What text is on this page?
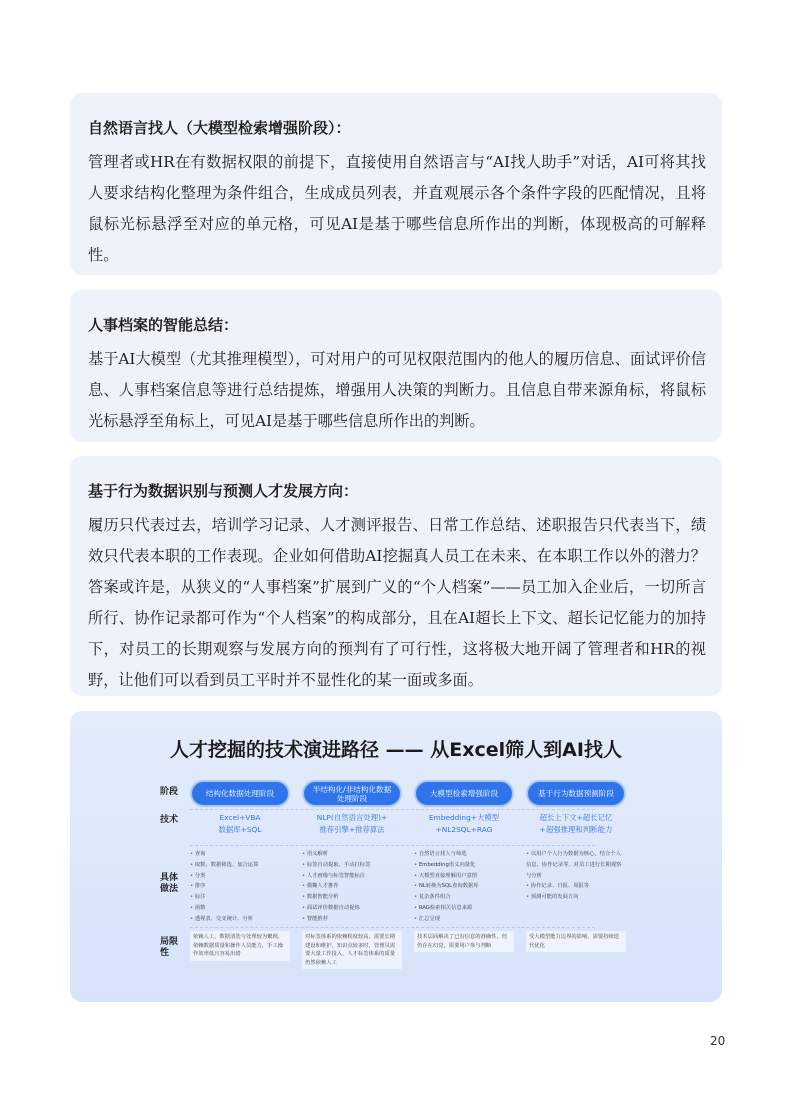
自然语言找人（大模型检索增强阶段）：

管理者或HR在有数据权限的前提下，直接使用自然语言与“AI找人助手”对话，AI可将其找人要求结构化整理为条件组合，生成成员列表，并直观展示各个条件字段的匹配情况，且将鼠标光标悬浮至对应的单元格，可见AI是基于哪些信息所作出的判断，体现极高的可解释性。

人事档案的智能总结：

基于AI大模型（尤其推理模型），可对用户的可见权限范围内的他人的履历信息、面试评价信息、人事档案信息等进行总结提炼，增强用人决策的判断力。且信息自带来源角标，将鼠标光标悬浮至角标上，可见AI是基于哪些信息所作出的判断。

基于行为数据识别与预测人才发展方向：

履历只代表过去，培训学习记录、人才测评报告、日常工作总结、述职报告只代表当下，绩效只代表本职的工作表现。企业如何借助AI挖掘真人员工在未来、在本职工作以外的潜力？答案或许是，从狭义的“人事档案”扩展到广义的“个人档案”——员工加入企业后，一切所言所行、协作记录都可作为“个人档案”的构成部分，且在AI超长上下文、超长记忆能力的加持下，对员工的长期观察与发展方向的预判有了可行性，这将极大地开阔了管理者和HR的视野，让他们可以看到员工平时并不显性化的某一面或多面。

人才挖掘的技术演进路径 —— 从Excel筛人到AI找人
阶段
技术
具体做法
局限性
结构化数据处理阶段
Excel+VBA
数据库+SQL
• 查询
• 取数、数据筛选、加合运算
• 分类
• 排序
• 标注
• 函数
• 透视表、交叉统计、分析
依赖人工，数据清洗与处理较为繁琐，依赖数据质量和操作人员能力，手工操作效率低且容易出错
半结构化/非结构化数据处理阶段
NLP(自然语言处理)+
推荐引擎+推荐算法
• 语义解析
• 标签自动提取、手动打标签
• 人才画像与标签智能标注
• 模糊人才推荐
• 数据智能分析
• 面试评价数据自动提炼
• 智能推荐
对标签体系的依赖程度较高，需要长期建设和维护，知识点较多时，管理员需要大量工作投入，人才标签体系的质量仍然依赖人工
大模型检索增强阶段
Embedding+大模型
+NL2SQL+RAG
• 自然语言找人与筛选
• Embedding语义向量化
• 大模型直接理解用户意图
• NL转换为SQL查询数据库
• 复杂条件组合
• RAG检索相关信息来源
• 汇总呈现
技术层面解决了已有信息的准确性，但仍存在幻觉，需要用户参与判断
基于行为数据预测阶段
超长上下文+超长记忆
+超强推理和判断能力
• 以用户个人行为数据为核心，结合个人信息、协作记录等，对员工进行长期观察与分析
• 协作记录、日报、周报等
• 预测可能的发展方向
受大模型能力边界的影响，需要持续迭代优化
20
